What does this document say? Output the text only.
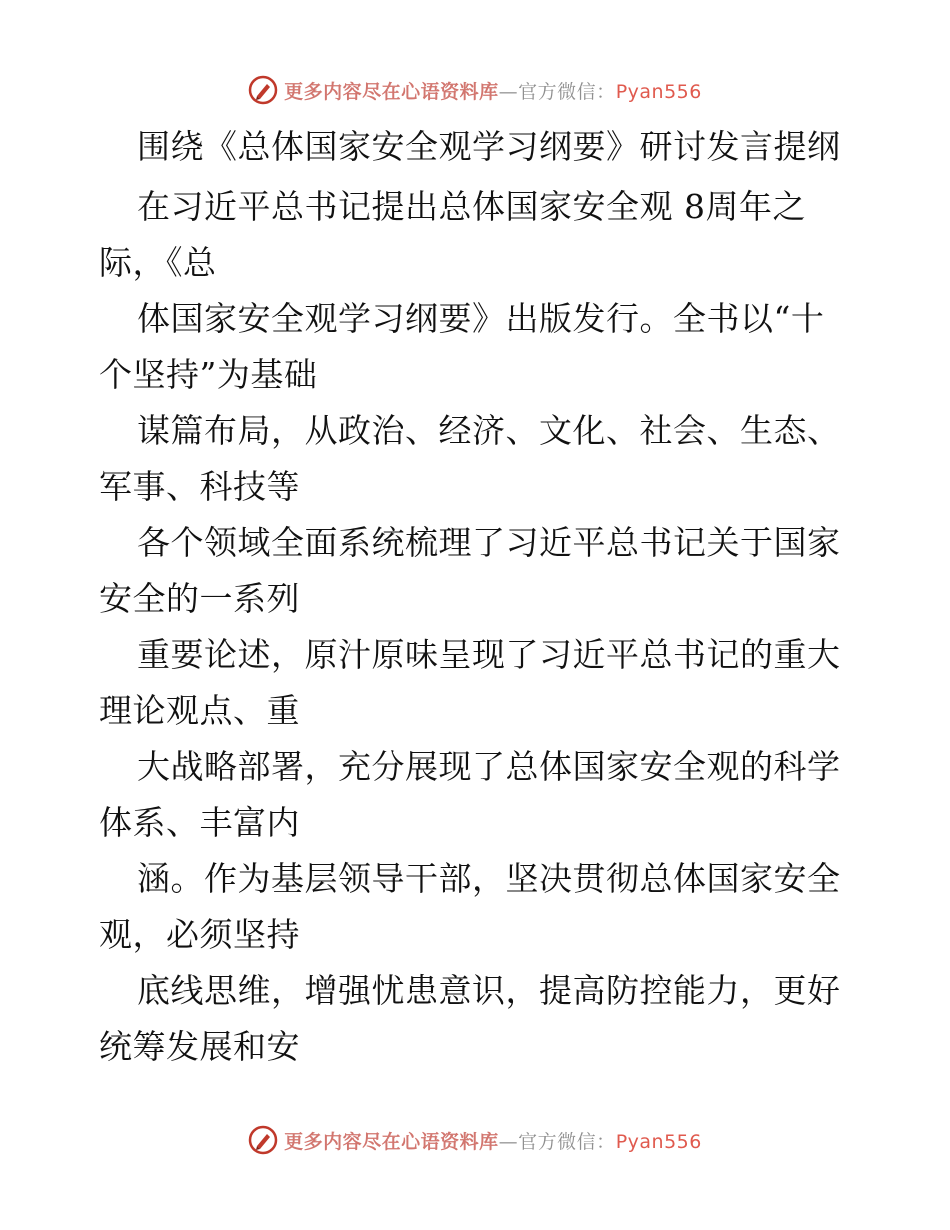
更多内容尽在心语资料库—官方微信：Pyan556
围绕《总体国家安全观学习纲要》研讨发言提纲
在习近平总书记提出总体国家安全观 8周年之
际，《总
体国家安全观学习纲要》出版发行。全书以“十
个坚持”为基础
谋篇布局，从政治、经济、文化、社会、生态、
军事、科技等
各个领域全面系统梳理了习近平总书记关于国家
安全的一系列
重要论述，原汁原味呈现了习近平总书记的重大
理论观点、重
大战略部署，充分展现了总体国家安全观的科学
体系、丰富内
涵。作为基层领导干部，坚决贯彻总体国家安全
观，必须坚持
底线思维，增强忧患意识，提高防控能力，更好
统筹发展和安
更多内容尽在心语资料库—官方微信：Pyan556
